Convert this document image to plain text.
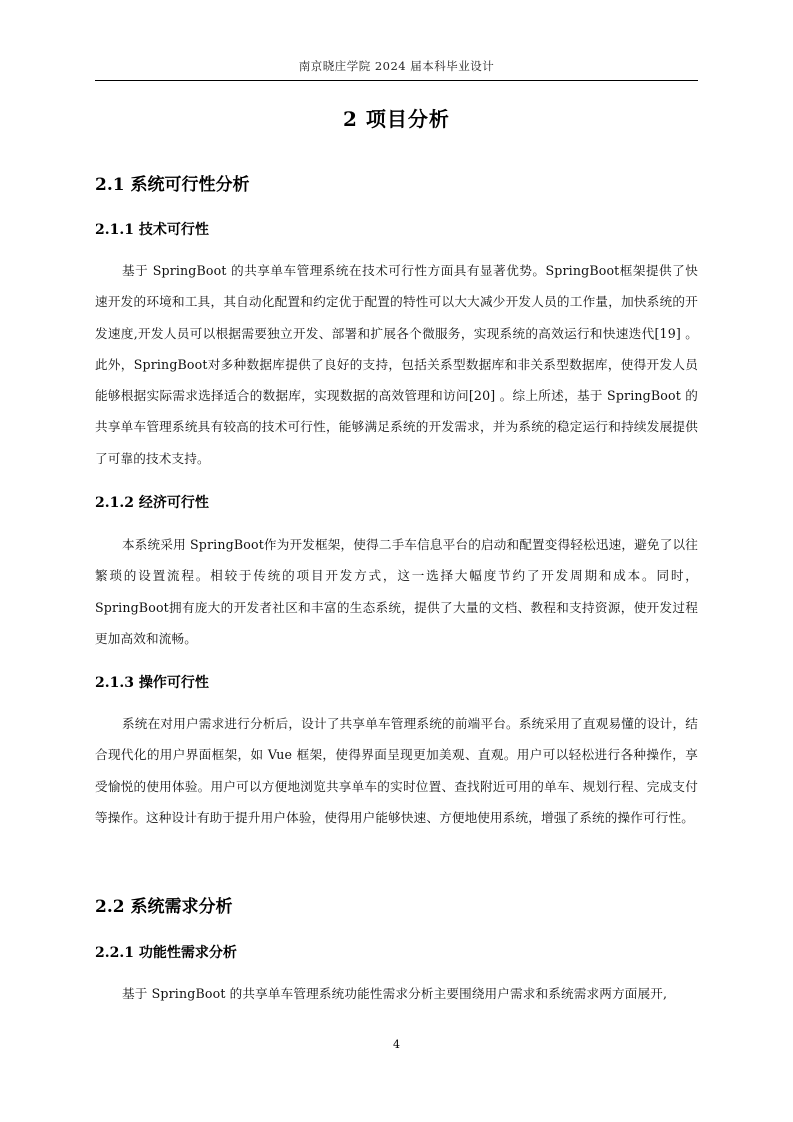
南京晓庄学院 2024 届本科毕业设计
2 项目分析
2.1 系统可行性分析
2.1.1 技术可行性
基于 SpringBoot 的共享单车管理系统在技术可行性方面具有显著优势。SpringBoot框架提供了快速开发的环境和工具，其自动化配置和约定优于配置的特性可以大大减少开发人员的工作量，加快系统的开发速度,开发人员可以根据需要独立开发、部署和扩展各个微服务，实现系统的高效运行和快速迭代[19] 。此外，SpringBoot对多种数据库提供了良好的支持，包括关系型数据库和非关系型数据库，使得开发人员能够根据实际需求选择适合的数据库，实现数据的高效管理和访问[20] 。综上所述，基于 SpringBoot 的共享单车管理系统具有较高的技术可行性，能够满足系统的开发需求，并为系统的稳定运行和持续发展提供了可靠的技术支持。
2.1.2 经济可行性
本系统采用 SpringBoot作为开发框架，使得二手车信息平台的启动和配置变得轻松迅速，避免了以往繁琐的设置流程。相较于传统的项目开发方式，这一选择大幅度节约了开发周期和成本。同时，SpringBoot拥有庞大的开发者社区和丰富的生态系统，提供了大量的文档、教程和支持资源，使开发过程更加高效和流畅。
2.1.3 操作可行性
系统在对用户需求进行分析后，设计了共享单车管理系统的前端平台。系统采用了直观易懂的设计，结合现代化的用户界面框架，如 Vue 框架，使得界面呈现更加美观、直观。用户可以轻松进行各种操作，享受愉悦的使用体验。用户可以方便地浏览共享单车的实时位置、查找附近可用的单车、规划行程、完成支付等操作。这种设计有助于提升用户体验，使得用户能够快速、方便地使用系统，增强了系统的操作可行性。
2.2 系统需求分析
2.2.1 功能性需求分析
基于 SpringBoot 的共享单车管理系统功能性需求分析主要围绕用户需求和系统需求两方面展开,
4
